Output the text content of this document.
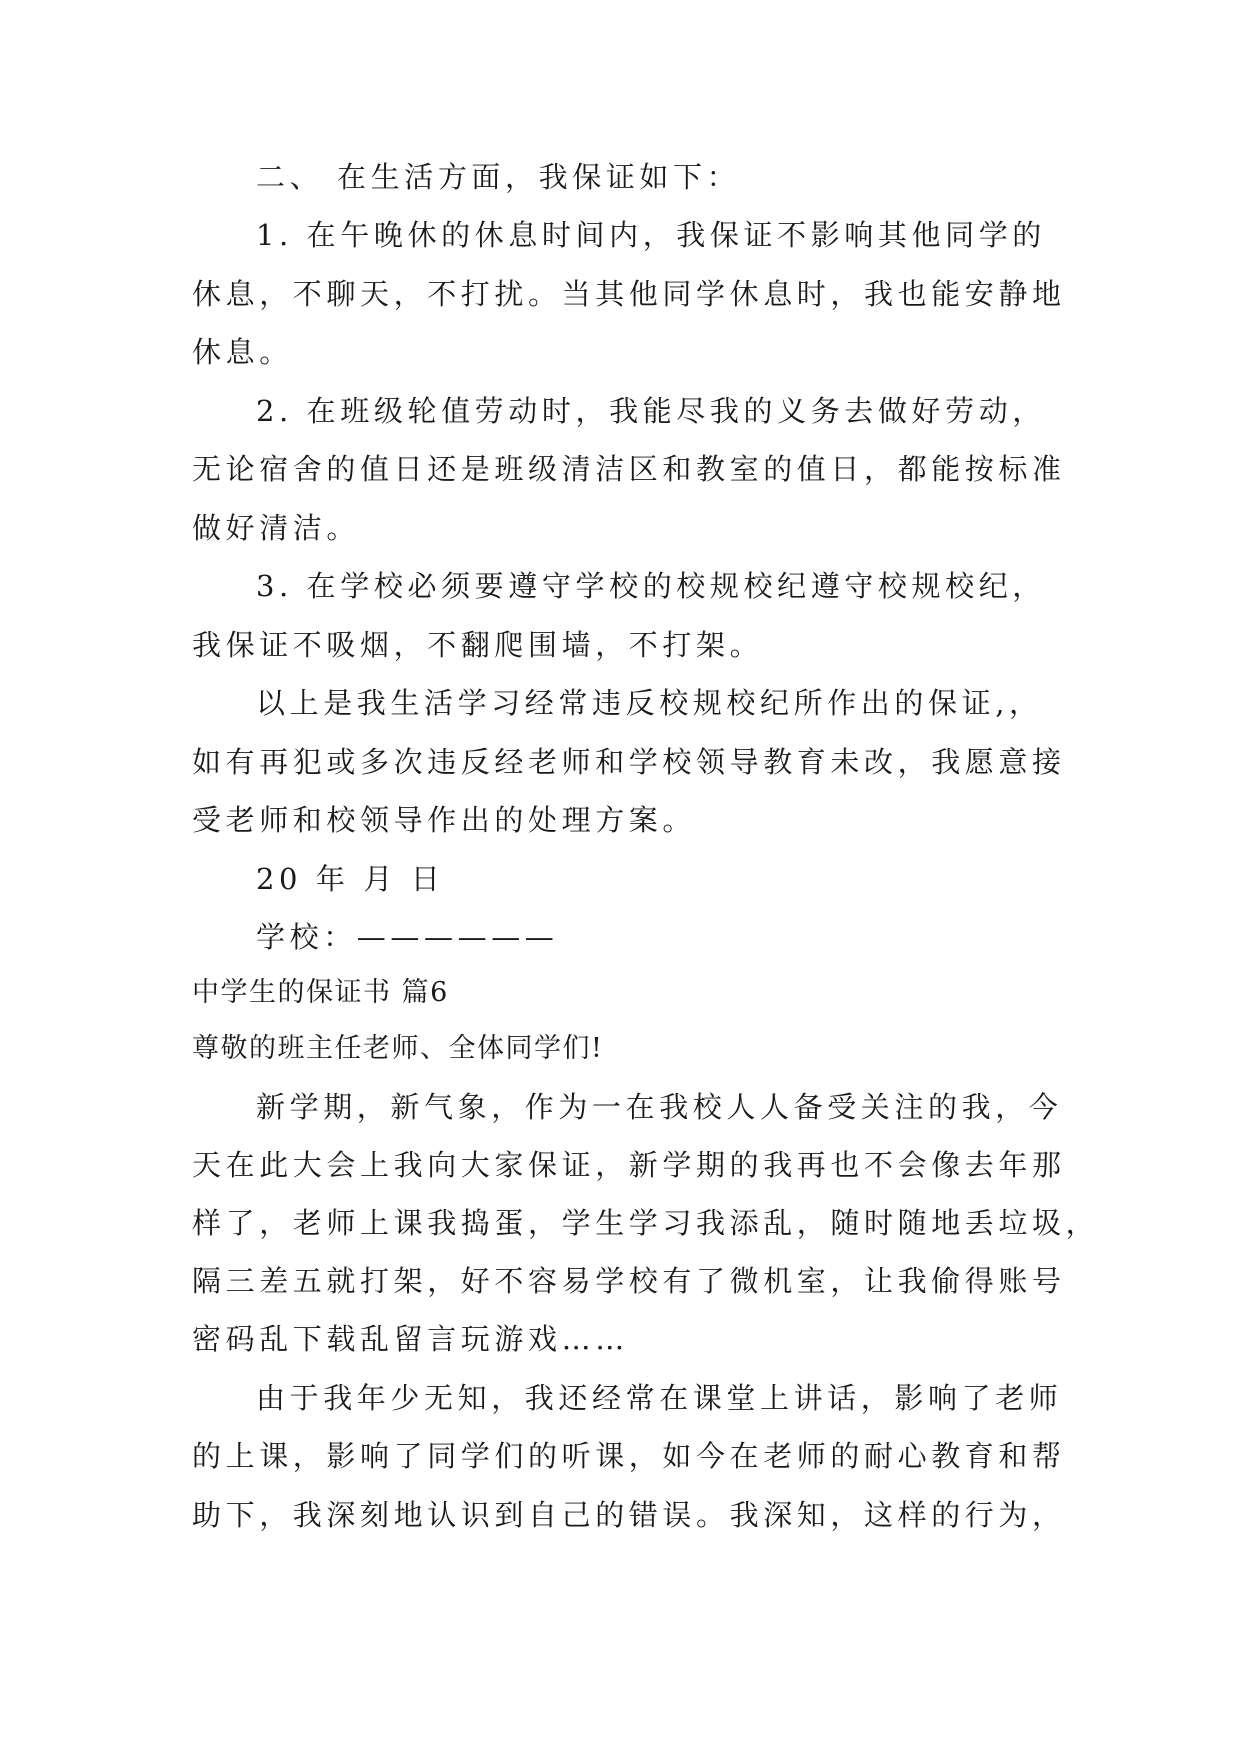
二、 在生活方面，我保证如下：
1. 在午晚休的休息时间内，我保证不影响其他同学的
休息，不聊天，不打扰。当其他同学休息时，我也能安静地
休息。
2. 在班级轮值劳动时，我能尽我的义务去做好劳动，
无论宿舍的值日还是班级清洁区和教室的值日，都能按标准
做好清洁。
3. 在学校必须要遵守学校的校规校纪遵守校规校纪，
我保证不吸烟，不翻爬围墙，不打架。
以上是我生活学习经常违反校规校纪所作出的保证,，
如有再犯或多次违反经老师和学校领导教育未改，我愿意接
受老师和校领导作出的处理方案。
20 年 月 日
学校：——————
中学生的保证书 篇6
尊敬的班主任老师、全体同学们!
新学期，新气象，作为一在我校人人备受关注的我，今
天在此大会上我向大家保证，新学期的我再也不会像去年那
样了，老师上课我捣蛋，学生学习我添乱，随时随地丢垃圾，
隔三差五就打架，好不容易学校有了微机室，让我偷得账号
密码乱下载乱留言玩游戏……
由于我年少无知，我还经常在课堂上讲话，影响了老师
的上课，影响了同学们的听课，如今在老师的耐心教育和帮
助下，我深刻地认识到自己的错误。我深知，这样的行为，
